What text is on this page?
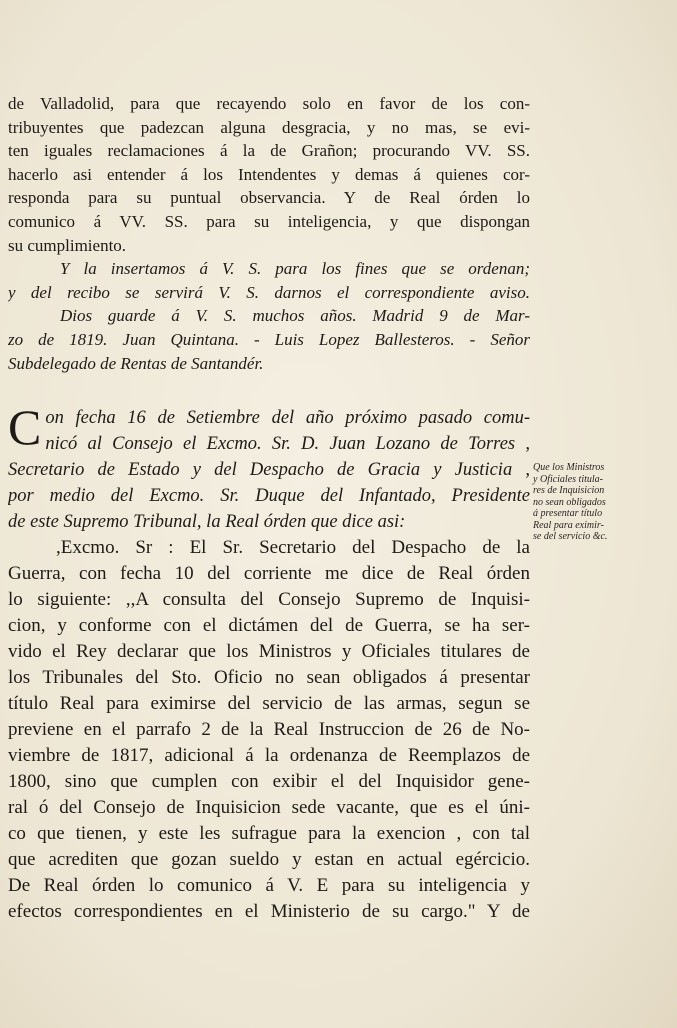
de Valladolid, para que recayendo solo en favor de los con-
tribuyentes que padezcan alguna desgracia, y no mas, se evi-
ten iguales reclamaciones á la de Grañon; procurando VV. SS.
hacerlo asi entender á los Intendentes y demas á quienes cor-
responda para su puntual observancia. Y de Real órden lo
comunico á VV. SS. para su inteligencia, y que dispongan
su cumplimiento.
Y la insertamos á V. S. para los fines que se ordenan;
y del recibo se servirá V. S. darnos el correspondiente aviso.
Dios guarde á V. S. muchos años. Madrid 9 de Mar-
zo de 1819. Juan Quintana. - Luis Lopez Ballesteros. - Señor
Subdelegado de Rentas de Santandér.
C on fecha 16 de Setiembre del año próximo pasado comu-
nicó al Consejo el Excmo. Sr. D. Juan Lozano de Torres ,
Secretario de Estado y del Despacho de Gracia y Justicia ,
por medio del Excmo. Sr. Duque del Infantado, Presidente
de este Supremo Tribunal, la Real órden que dice asi:
,Excmo. Sr : El Sr. Secretario del Despacho de la
Guerra, con fecha 10 del corriente me dice de Real órden
lo siguiente: ,,A consulta del Consejo Supremo de Inquisi-
cion, y conforme con el dictámen del de Guerra, se ha ser-
vido el Rey declarar que los Ministros y Oficiales titulares de
los Tribunales del Sto. Oficio no sean obligados á presentar
título Real para eximirse del servicio de las armas, segun se
previene en el parrafo 2 de la Real Instruccion de 26 de No-
viembre de 1817, adicional á la ordenanza de Reemplazos de
1800, sino que cumplen con exibir el del Inquisidor gene-
ral ó del Consejo de Inquisicion sede vacante, que es el úni-
co que tienen, y este les sufrague para la exencion , con tal
que acrediten que gozan sueldo y estan en actual egércicio.
De Real órden lo comunico á V. E para su inteligencia y
efectos correspondientes en el Ministerio de su cargo." Y de
Que los Ministros
y Oficiales titula-
res de Inquisicion
no sean obligados
á presentar título
Real para eximir-
se del servicio &c.
